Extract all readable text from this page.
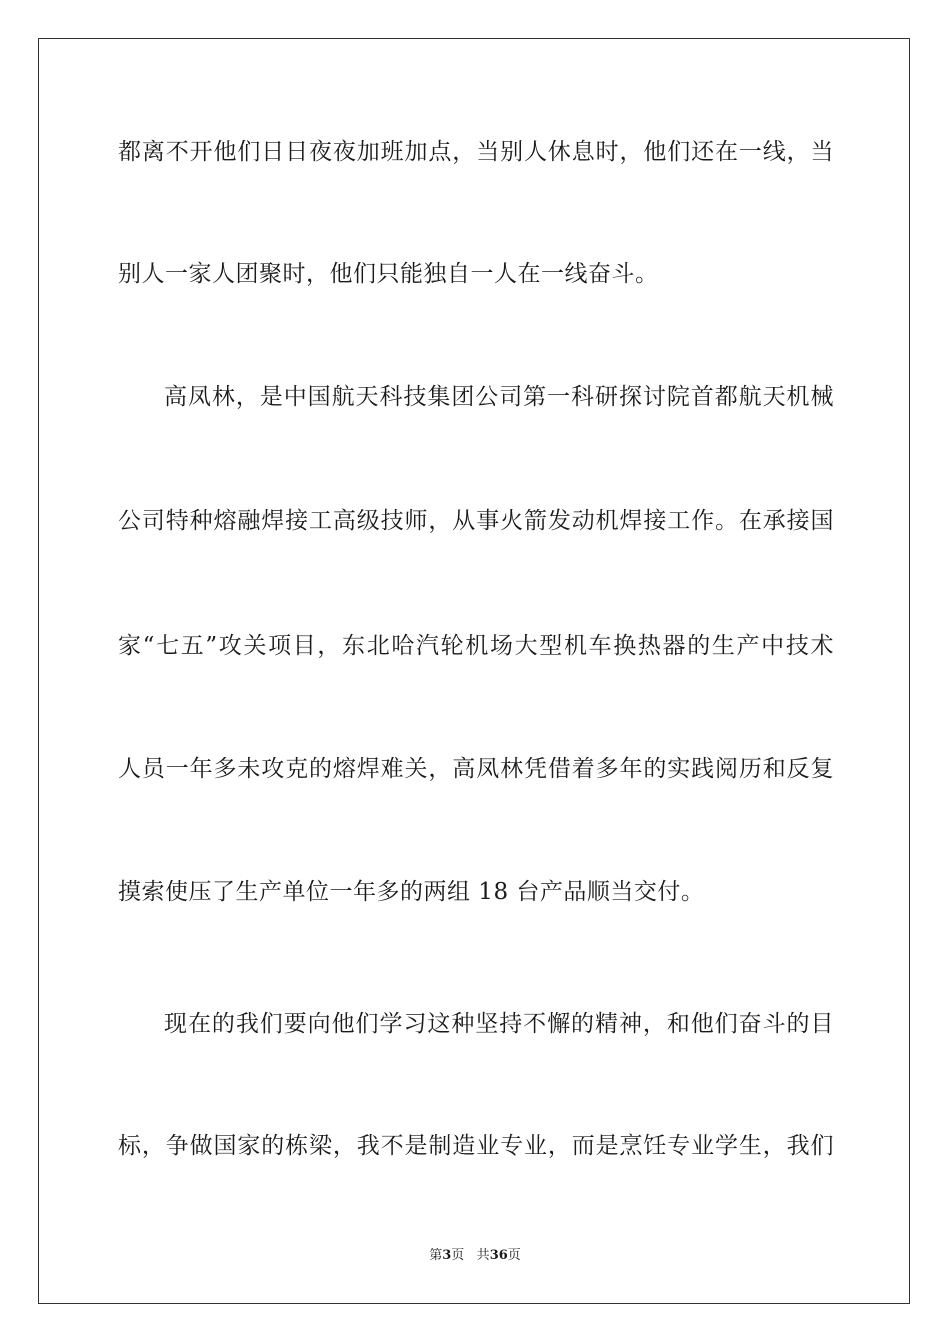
都离不开他们日日夜夜加班加点，当别人休息时，他们还在一线，当
别人一家人团聚时，他们只能独自一人在一线奋斗。
高凤林，是中国航天科技集团公司第一科研探讨院首都航天机械
公司特种熔融焊接工高级技师，从事火箭发动机焊接工作。在承接国
家“七五”攻关项目，东北哈汽轮机场大型机车换热器的生产中技术
人员一年多未攻克的熔焊难关，高凤林凭借着多年的实践阅历和反复
摸索使压了生产单位一年多的两组 18 台产品顺当交付。
现在的我们要向他们学习这种坚持不懈的精神，和他们奋斗的目
标，争做国家的栋梁，我不是制造业专业，而是烹饪专业学生，我们
第3页 共36页
